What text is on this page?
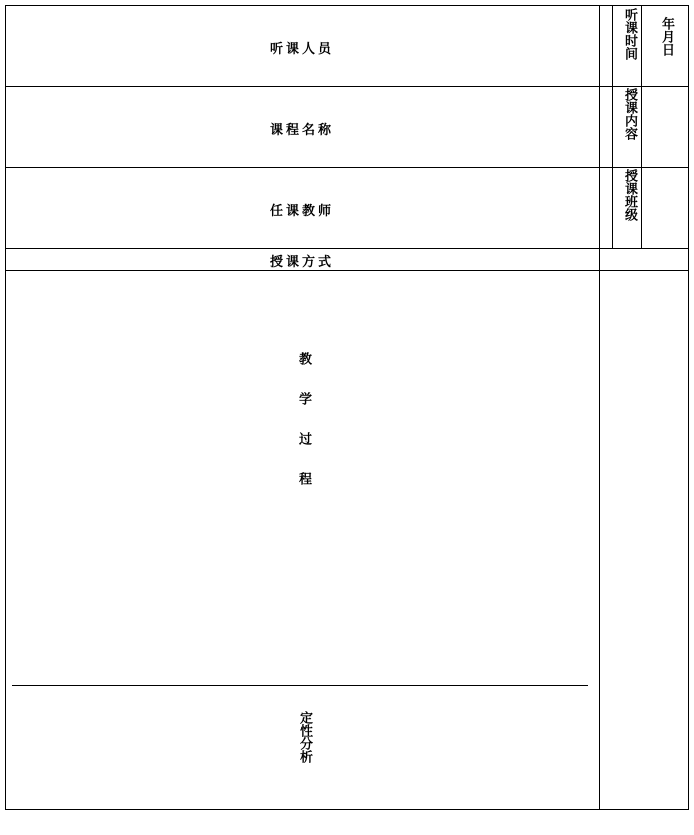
听课人员	听课时间 年月日
课程名称	授课内容
任课教师	授课班级
授课方式
教学过程
定性分析
